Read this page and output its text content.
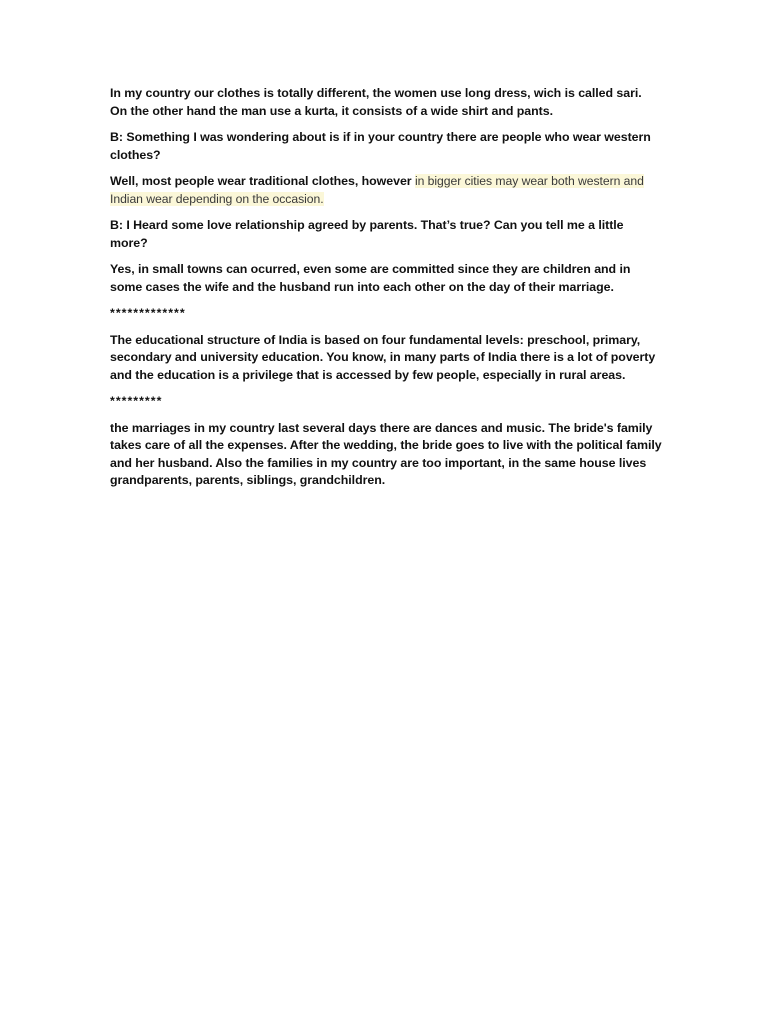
In my country our clothes is totally different, the women use long dress, wich is called sari. On the other hand the man use a kurta, it consists of a wide shirt and pants.

B: Something I was wondering about is if in your country there are people who wear western clothes?

Well, most people wear traditional clothes, however in bigger cities may wear both western and Indian wear depending on the occasion.

B: I Heard some love relationship agreed by parents. That’s true? Can you tell me a little more?

Yes, in small towns can ocurred, even some are committed since they are children and in some cases the wife and the husband run into each other on the day of their marriage.

*************

The educational structure of India is based on four fundamental levels: preschool, primary, secondary and university education. You know, in many parts of India there is a lot of poverty and the education is a privilege that is accessed by few people, especially in rural areas.

*********

the marriages in my country last several days there are dances and music. The bride's family takes care of all the expenses. After the wedding, the bride goes to live with the political family and her husband. Also the families in my country are too important, in the same house lives grandparents, parents, siblings, grandchildren.
